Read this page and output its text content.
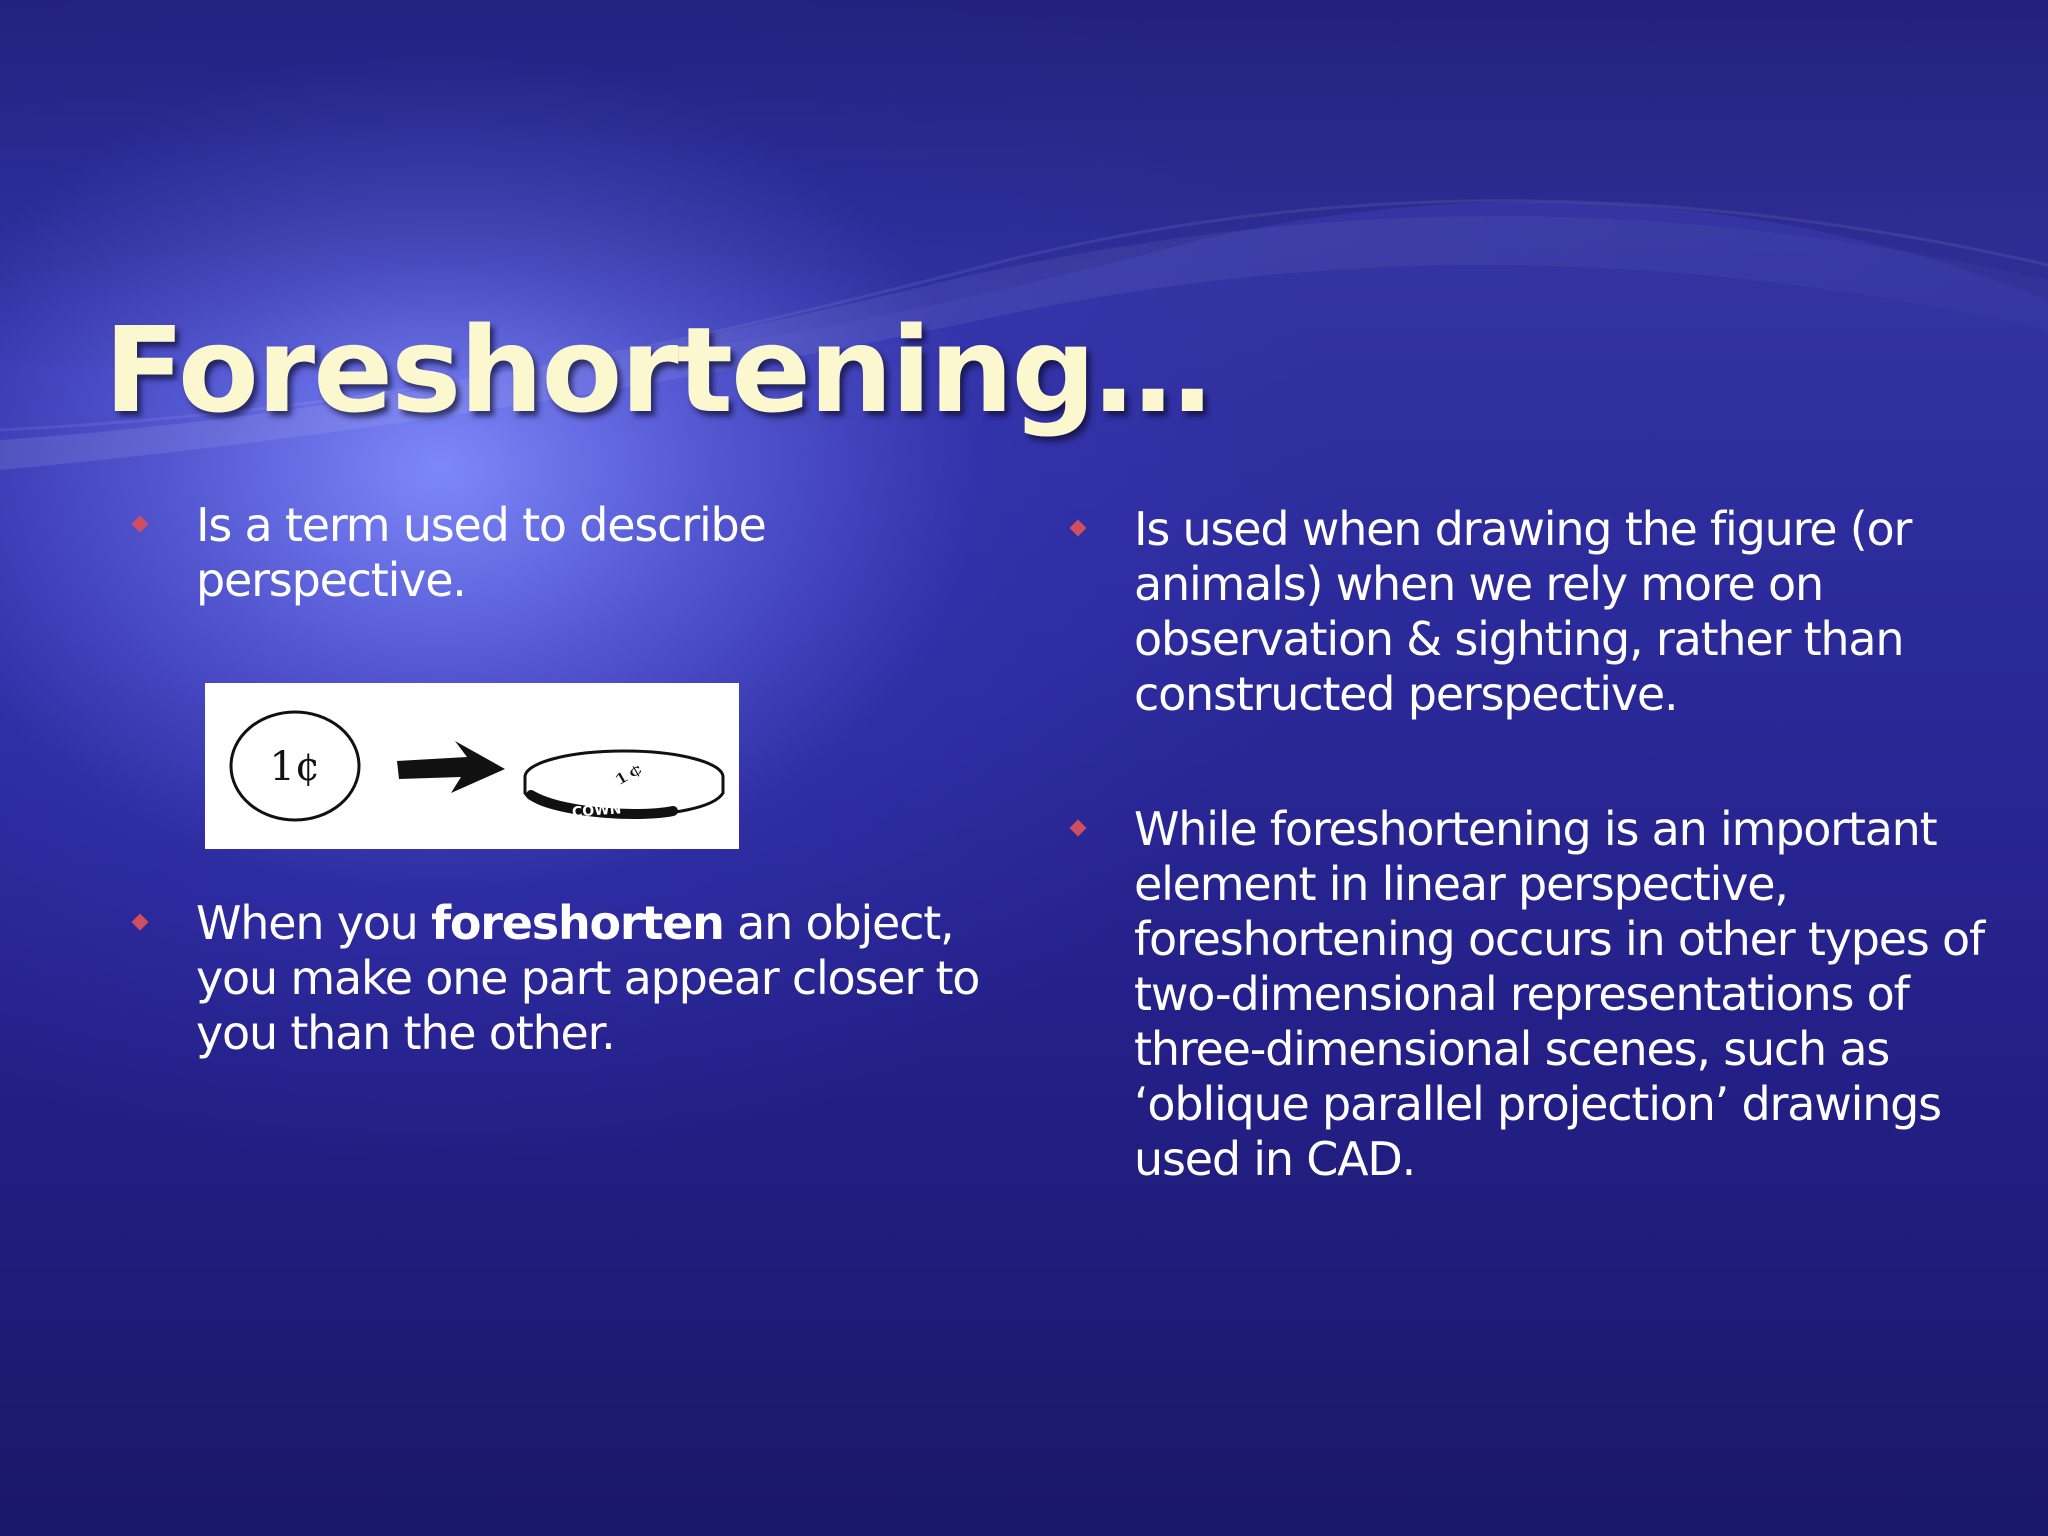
Foreshortening…
Is a term used to describe perspective.
1¢
COWN
1¢
When you foreshorten an object, you make one part appear closer to you than the other.
Is used when drawing the figure (or animals) when we rely more on observation & sighting, rather than constructed perspective.
While foreshortening is an important element in linear perspective, foreshortening occurs in other types of two-dimensional representations of three-dimensional scenes, such as ‘oblique parallel projection’ drawings used in CAD.
